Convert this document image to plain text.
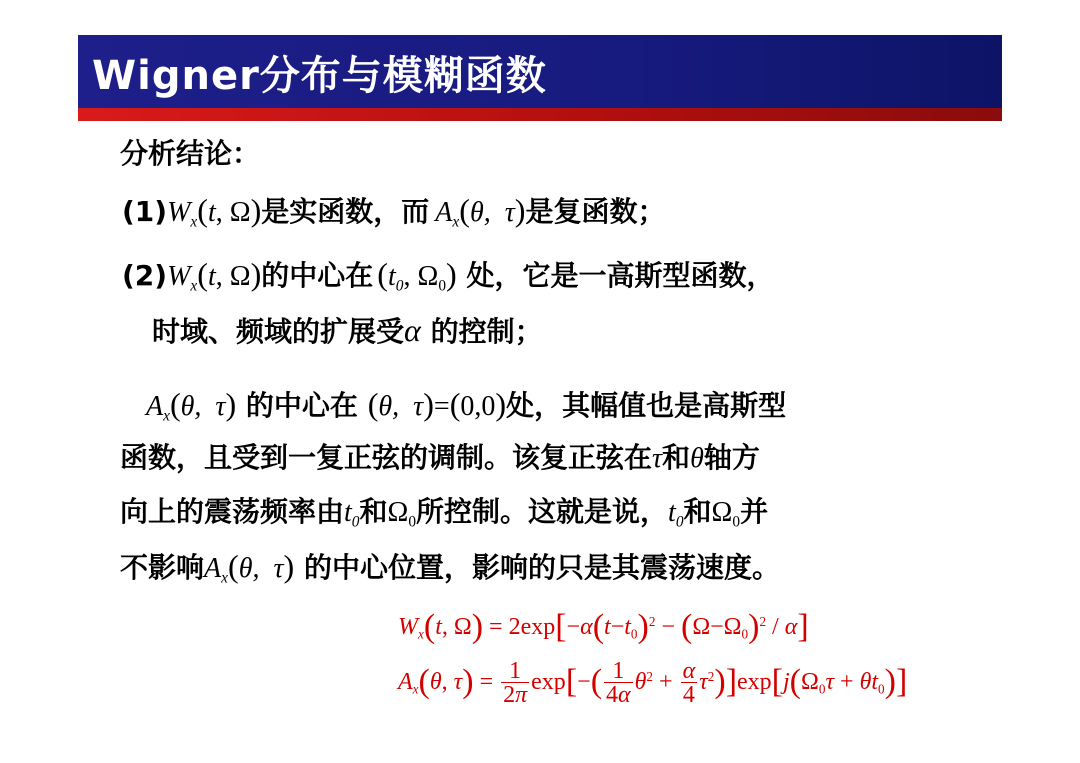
Wigner分布与模糊函数
分析结论：
$(1)W_x(t$, Ω)是实函数，而 $A_x(\theta$,  τ)是复函数；
$(2)W_x(t$, Ω)的中心在 ($t_0$, $\Omega_0$) 处，它是一高斯型函数，
时域、频域的扩展受α 的控制；
$A_x(\theta$,  τ) 的中心在 (θ,  τ)=(0,0)处，其幅值也是高斯型
函数，且受到一复正弦的调制。该复正弦在τ和θ轴方
向上的震荡频率由$t_0$和$\Omega_0$所控制。这就是说，$t_0$和$\Omega_0$并
不影响$A_x(\theta$,  τ) 的中心位置，影响的只是其震荡速度。
$W_x(t$, $\Omega) = 2\exp[-\alpha(t-t_0)^2 - (\Omega-\Omega_0)^2 / \alpha]$
$A_x(\theta$, $\tau) = \frac{1}{2\pi} \exp[-( \frac{1}{4\alpha} \theta^2 + \frac{\alpha}{4} \tau^2)]\exp[j(\Omega_0\tau + \theta t_0)]$
